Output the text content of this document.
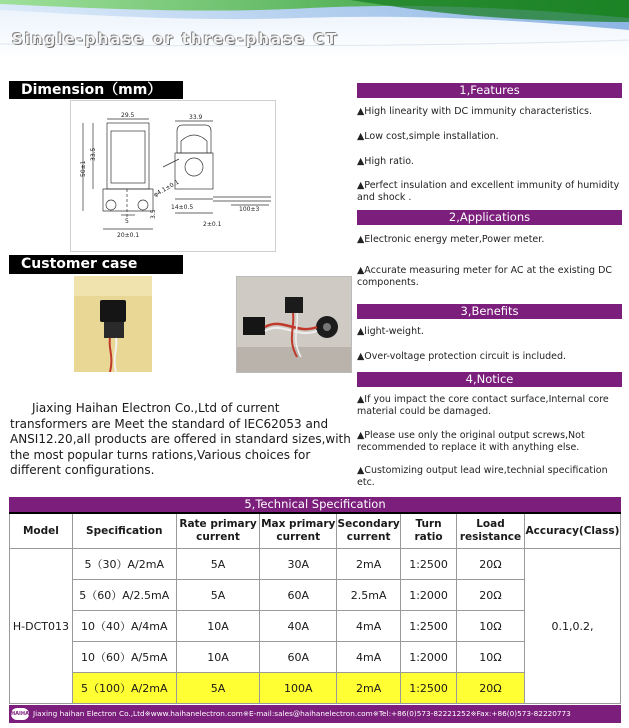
Single-phase or three-phase CT
Dimension（mm）
29.5	33.9
33.5
50±1
φ4.1±0.1
14±0.5	100±3
5
3.5
20±0.1
2±0.1
Customer case show
Jiaxing Haihan Electron Co.,Ltd of current transformers are Meet the standard of IEC62053 and ANSI12.20,all products are offered in standard sizes,with the most popular turns rations,Various choices for different configurations.
1,Features
▲High linearity with DC immunity characteristics.
▲Low cost,simple installation.
▲High ratio.
▲Perfect insulation and excellent immunity of humidity and shock .
2,Applications
▲Electronic energy meter,Power meter.
▲Accurate measuring meter for AC at the existing DC components.
3,Benefits
▲light-weight.
▲Over-voltage protection circuit is included.
4,Notice
▲If you impact the core contact surface,Internal core material could be damaged.
▲Please use only the original output screws,Not recommended to replace it with anything else.
▲Customizing output lead wire,technial specification etc.
5,Technical Specification
Model	Specification	Rate primary current	Max primary current	Secondary current	Turn ratio	Load resistance	Accuracy(Class)
H-DCT013	5（30）A/2mA	5A	30A	2mA	1:2500	20Ω	0.1,0.2,
	5（60）A/2.5mA	5A	60A	2.5mA	1:2000	20Ω	
	10（40）A/4mA	10A	40A	4mA	1:2500	10Ω	
	10（60）A/5mA	10A	60A	4mA	1:2000	10Ω	
	5（100）A/2mA	5A	100A	2mA	1:2500	20Ω	
HAIHANJiaxing haihan Electron Co.,Ltd※www.haihanelectron.com※E-mail:sales@haihanelectron.com※Tel:+86(0)573-82221252※Fax:+86(0)573-82220773
